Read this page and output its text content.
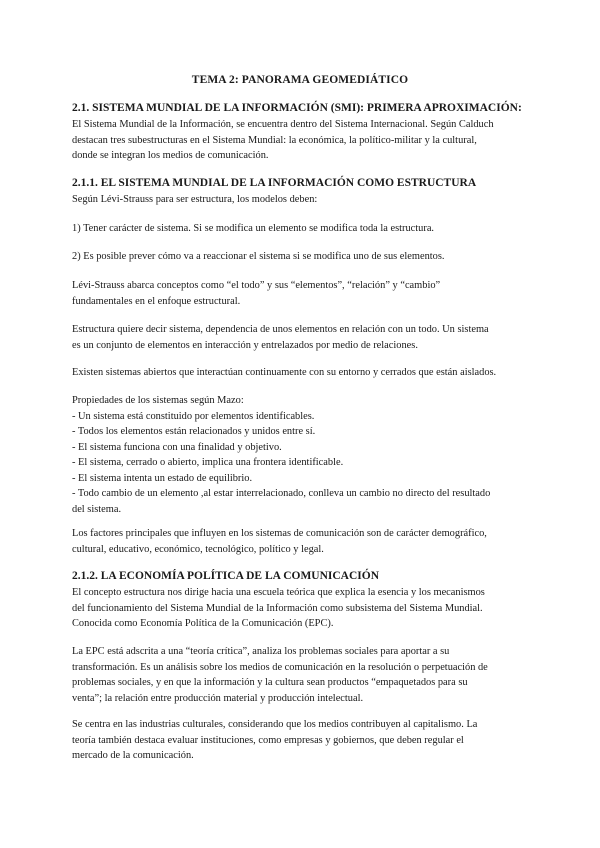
TEMA 2: PANORAMA GEOMEDIÁTICO
2.1. SISTEMA MUNDIAL DE LA INFORMACIÓN (SMI): PRIMERA APROXIMACIÓN:

El Sistema Mundial de la Información, se encuentra dentro del Sistema Internacional. Según Calduch

destacan tres subestructuras en el Sistema Mundial: la económica, la político-militar y la cultural,

donde se integran los medios de comunicación.

2.1.1. EL SISTEMA MUNDIAL DE LA INFORMACIÓN COMO ESTRUCTURA

Según Lévi-Strauss para ser estructura, los modelos deben:

1) Tener carácter de sistema. Si se modifica un elemento se modifica toda la estructura.

2) Es posible prever cómo va a reaccionar el sistema si se modifica uno de sus elementos.

Lévi-Strauss abarca conceptos como “el todo” y sus “elementos”, “relación” y “cambio”

fundamentales en el enfoque estructural.

Estructura quiere decir sistema, dependencia de unos elementos en relación con un todo. Un sistema

es un conjunto de elementos en interacción y entrelazados por medio de relaciones.

Existen sistemas abiertos que interactúan continuamente con su entorno y cerrados que están aislados.

Propiedades de los sistemas según Mazo:

- Un sistema está constituido por elementos identificables.
- Todos los elementos están relacionados y unidos entre sí.
- El sistema funciona con una finalidad y objetivo.
- El sistema, cerrado o abierto, implica una frontera identificable.
- El sistema intenta un estado de equilibrio.
- Todo cambio de un elemento ,al estar interrelacionado, conlleva un cambio no directo del resultado
del sistema.

Los factores principales que influyen en los sistemas de comunicación son de carácter demográfico,

cultural, educativo, económico, tecnológico, político y legal.

2.1.2. LA ECONOMÍA POLÍTICA DE LA COMUNICACIÓN

El concepto estructura nos dirige hacia una escuela teórica que explica la esencia y los mecanismos

del funcionamiento del Sistema Mundial de la Información como subsistema del Sistema Mundial.

Conocida como Economía Política de la Comunicación (EPC).

La EPC está adscrita a una “teoría crítica”, analiza los problemas sociales para aportar a su

transformación. Es un análisis sobre los medios de comunicación en la resolución o perpetuación de

problemas sociales, y en que la información y la cultura sean productos “empaquetados para su

venta”; la relación entre producción material y producción intelectual.

Se centra en las industrias culturales, considerando que los medios contribuyen al capitalismo. La

teoría también destaca evaluar instituciones, como empresas y gobiernos, que deben regular el

mercado de la comunicación.
